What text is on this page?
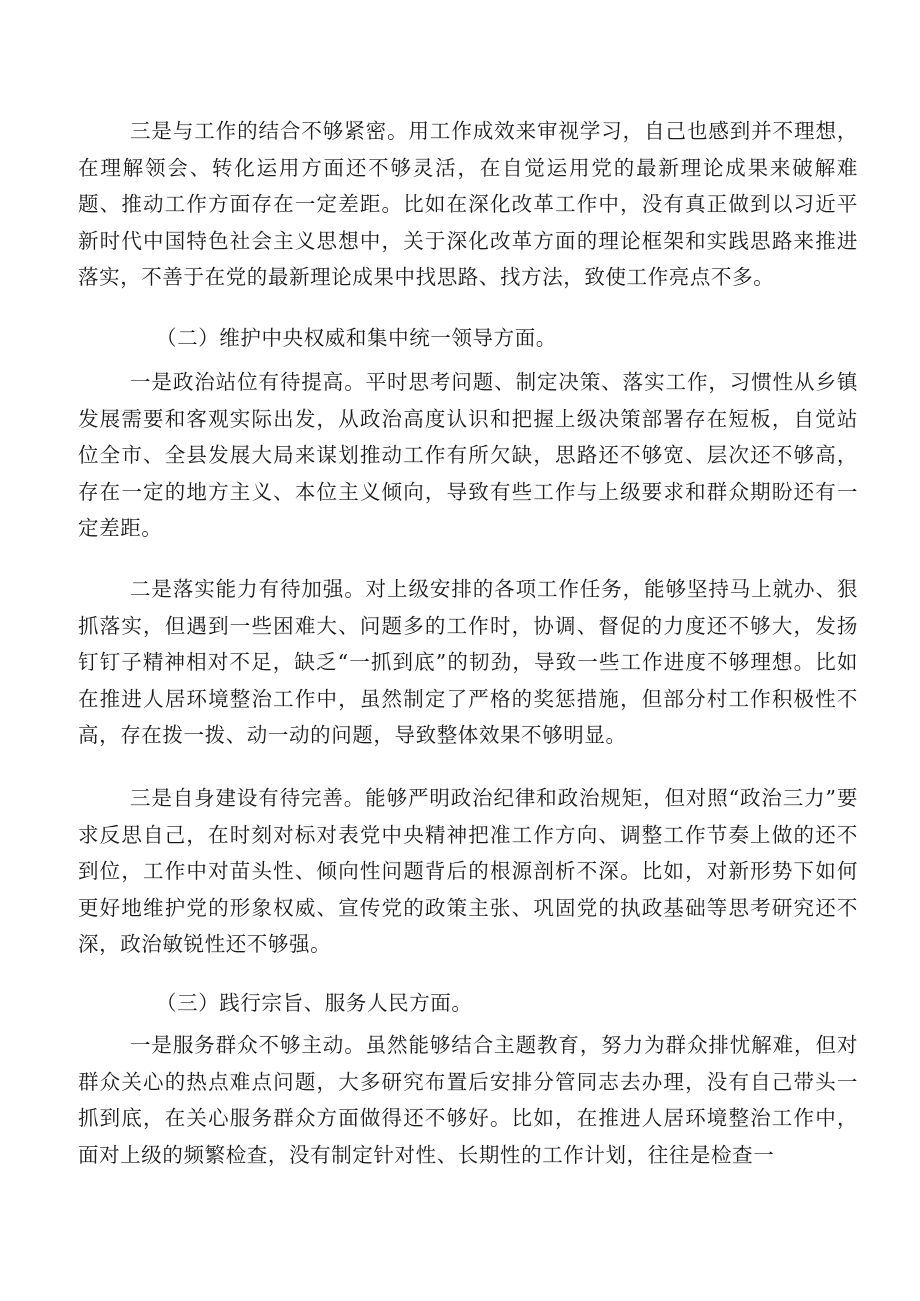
三是与工作的结合不够紧密。用工作成效来审视学习，自己也感到并不理想，在理解领会、转化运用方面还不够灵活，在自觉运用党的最新理论成果来破解难题、推动工作方面存在一定差距。比如在深化改革工作中，没有真正做到以习近平新时代中国特色社会主义思想中，关于深化改革方面的理论框架和实践思路来推进落实，不善于在党的最新理论成果中找思路、找方法，致使工作亮点不多。

（二）维护中央权威和集中统一领导方面。

一是政治站位有待提高。平时思考问题、制定决策、落实工作，习惯性从乡镇发展需要和客观实际出发，从政治高度认识和把握上级决策部署存在短板，自觉站位全市、全县发展大局来谋划推动工作有所欠缺，思路还不够宽、层次还不够高，存在一定的地方主义、本位主义倾向，导致有些工作与上级要求和群众期盼还有一定差距。

二是落实能力有待加强。对上级安排的各项工作任务，能够坚持马上就办、狠抓落实，但遇到一些困难大、问题多的工作时，协调、督促的力度还不够大，发扬钉钉子精神相对不足，缺乏“一抓到底”的韧劲，导致一些工作进度不够理想。比如在推进人居环境整治工作中，虽然制定了严格的奖惩措施，但部分村工作积极性不高，存在拨一拨、动一动的问题，导致整体效果不够明显。

三是自身建设有待完善。能够严明政治纪律和政治规矩，但对照“政治三力”要求反思自己，在时刻对标对表党中央精神把准工作方向、调整工作节奏上做的还不到位，工作中对苗头性、倾向性问题背后的根源剖析不深。比如，对新形势下如何更好地维护党的形象权威、宣传党的政策主张、巩固党的执政基础等思考研究还不深，政治敏锐性还不够强。

（三）践行宗旨、服务人民方面。

一是服务群众不够主动。虽然能够结合主题教育，努力为群众排忧解难，但对群众关心的热点难点问题，大多研究布置后安排分管同志去办理，没有自己带头一抓到底，在关心服务群众方面做得还不够好。比如，在推进人居环境整治工作中，面对上级的频繁检查，没有制定针对性、长期性的工作计划，往往是检查一
